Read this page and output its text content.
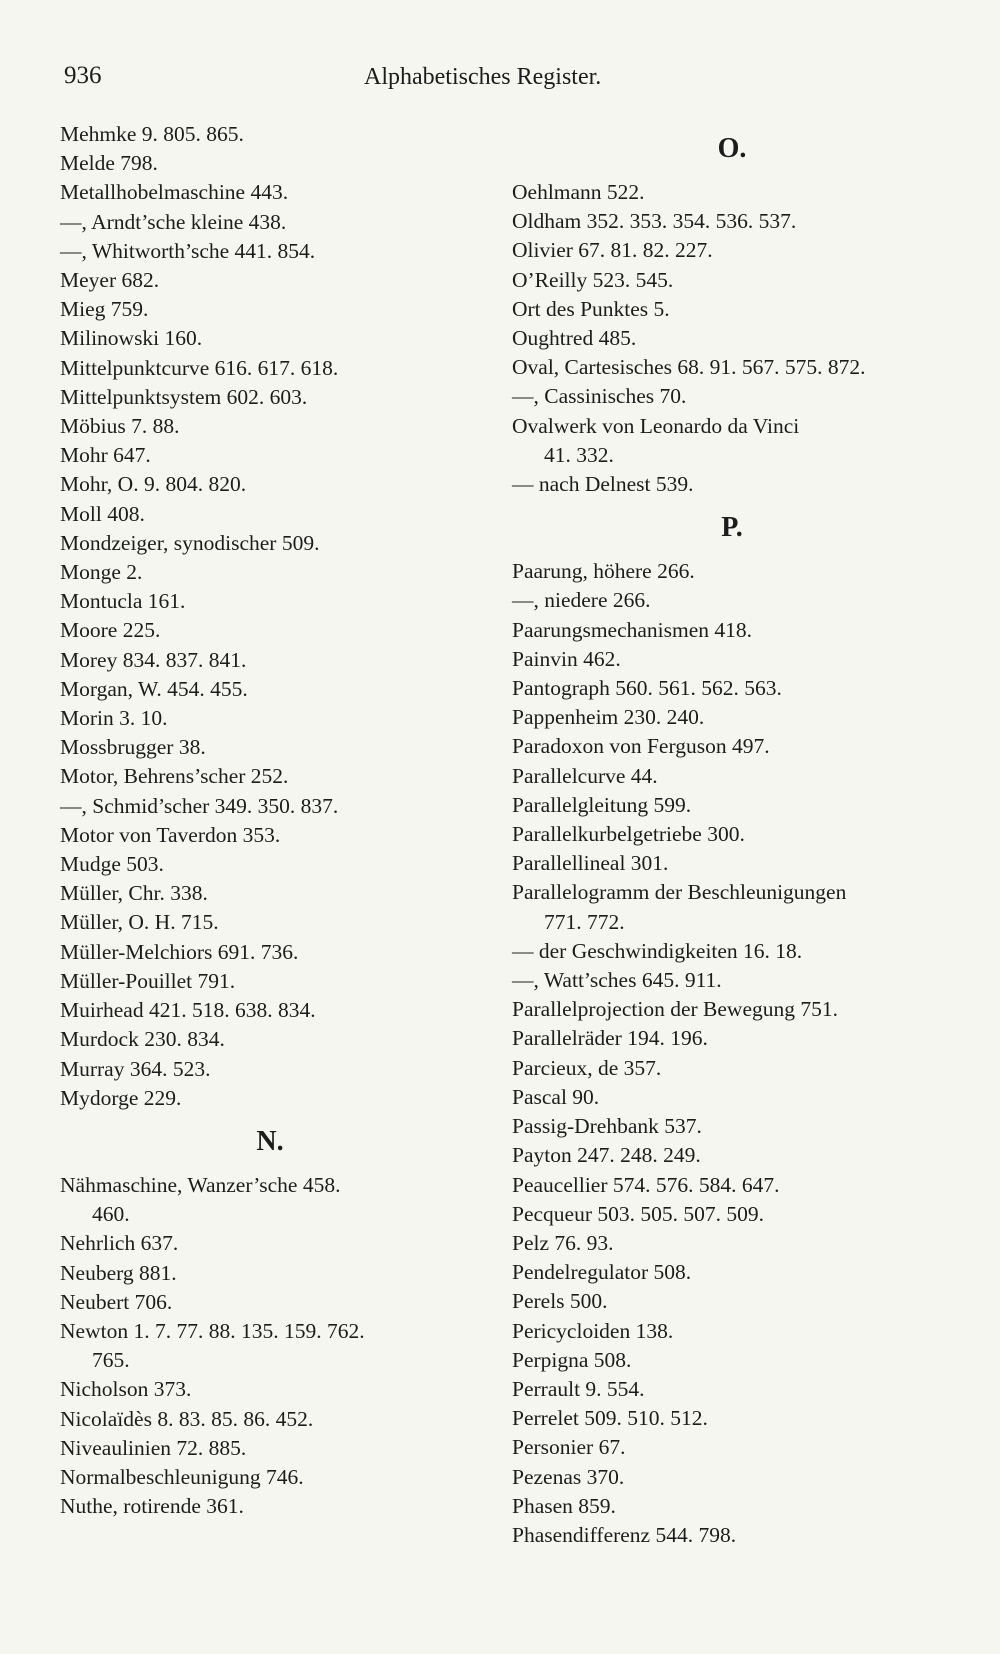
936	Alphabetisches Register.
Mehmke 9. 805. 865.
Melde 798.
Metallhobelmaschine 443.
—, Arndt’sche kleine 438.
—, Whitworth’sche 441. 854.
Meyer 682.
Mieg 759.
Milinowski 160.
Mittelpunktcurve 616. 617. 618.
Mittelpunktsystem 602. 603.
Möbius 7. 88.
Mohr 647.
Mohr, O. 9. 804. 820.
Moll 408.
Mondzeiger, synodischer 509.
Monge 2.
Montucla 161.
Moore 225.
Morey 834. 837. 841.
Morgan, W. 454. 455.
Morin 3. 10.
Mossbrugger 38.
Motor, Behrens’scher 252.
—, Schmid’scher 349. 350. 837.
Motor von Taverdon 353.
Mudge 503.
Müller, Chr. 338.
Müller, O. H. 715.
Müller-Melchiors 691. 736.
Müller-Pouillet 791.
Muirhead 421. 518. 638. 834.
Murdock 230. 834.
Murray 364. 523.
Mydorge 229.
N.
Nähmaschine, Wanzer’sche 458.
460.
Nehrlich 637.
Neuberg 881.
Neubert 706.
Newton 1. 7. 77. 88. 135. 159. 762.
765.
Nicholson 373.
Nicolaïdès 8. 83. 85. 86. 452.
Niveaulinien 72. 885.
Normalbeschleunigung 746.
Nuthe, rotirende 361.
O.
Oehlmann 522.
Oldham 352. 353. 354. 536. 537.
Olivier 67. 81. 82. 227.
O’Reilly 523. 545.
Ort des Punktes 5.
Oughtred 485.
Oval, Cartesisches 68. 91. 567. 575. 872.
—, Cassinisches 70.
Ovalwerk von Leonardo da Vinci
41. 332.
— nach Delnest 539.
P.
Paarung, höhere 266.
—, niedere 266.
Paarungsmechanismen 418.
Painvin 462.
Pantograph 560. 561. 562. 563.
Pappenheim 230. 240.
Paradoxon von Ferguson 497.
Parallelcurve 44.
Parallelgleitung 599.
Parallelkurbelgetriebe 300.
Parallellineal 301.
Parallelogramm der Beschleunigungen
771. 772.
— der Geschwindigkeiten 16. 18.
—, Watt’sches 645. 911.
Parallelprojection der Bewegung 751.
Parallelräder 194. 196.
Parcieux, de 357.
Pascal 90.
Passig-Drehbank 537.
Payton 247. 248. 249.
Peaucellier 574. 576. 584. 647.
Pecqueur 503. 505. 507. 509.
Pelz 76. 93.
Pendelregulator 508.
Perels 500.
Pericycloiden 138.
Perpigna 508.
Perrault 9. 554.
Perrelet 509. 510. 512.
Personier 67.
Pezenas 370.
Phasen 859.
Phasendifferenz 544. 798.
